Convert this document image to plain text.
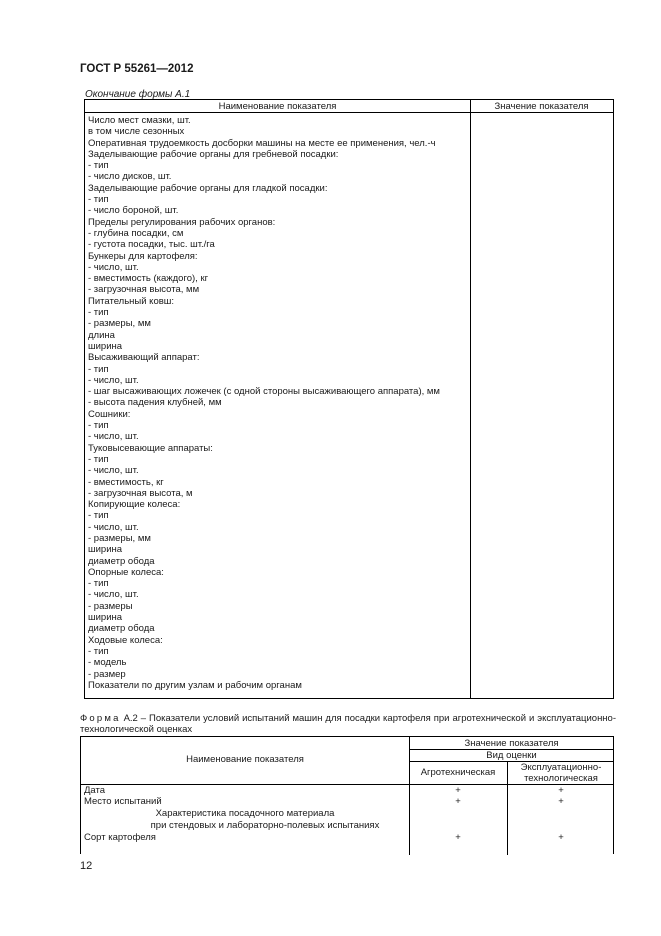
ГОСТ Р 55261—2012
Окончание формы А.1
Наименование показателя	Значение показателя
Число мест смазки, шт.
в том числе сезонных
Оперативная трудоемкость досборки машины на месте ее применения, чел.-ч
Заделывающие рабочие органы для гребневой посадки:
- тип
- число дисков, шт.
Заделывающие рабочие органы для гладкой посадки:
- тип
- число бороной, шт.
Пределы регулирования рабочих органов:
- глубина посадки, см
- густота посадки, тыс. шт./га
Бункеры для картофеля:
- число, шт.
- вместимость (каждого), кг
- загрузочная высота, мм
Питательный ковш:
- тип
- размеры, мм
длина
ширина
Высаживающий аппарат:
- тип
- число, шт.
- шаг высаживающих ложечек (с одной стороны высаживающего аппарата), мм
- высота падения клубней, мм
Сошники:
- тип
- число, шт.
Туковысевающие аппараты:
- тип
- число, шт.
- вместимость, кг
- загрузочная высота, м
Копирующие колеса:
- тип
- число, шт.
- размеры, мм
ширина
диаметр обода
Опорные колеса:
- тип
- число, шт.
- размеры
ширина
диаметр обода
Ходовые колеса:
- тип
- модель
- размер
Показатели по другим узлам и рабочим органам
Форма А.2 – Показатели условий испытаний машин для посадки картофеля при агротехнической и эксплуатационно-технологической оценках
Наименование показателя
Значение показателя
Вид оценки
Агротехническая	Эксплуатационно-технологическая
Дата	+	+
Место испытаний	+	+
Характеристика посадочного материала
при стендовых и лабораторно-полевых испытаниях
Сорт картофеля	+	+
12
